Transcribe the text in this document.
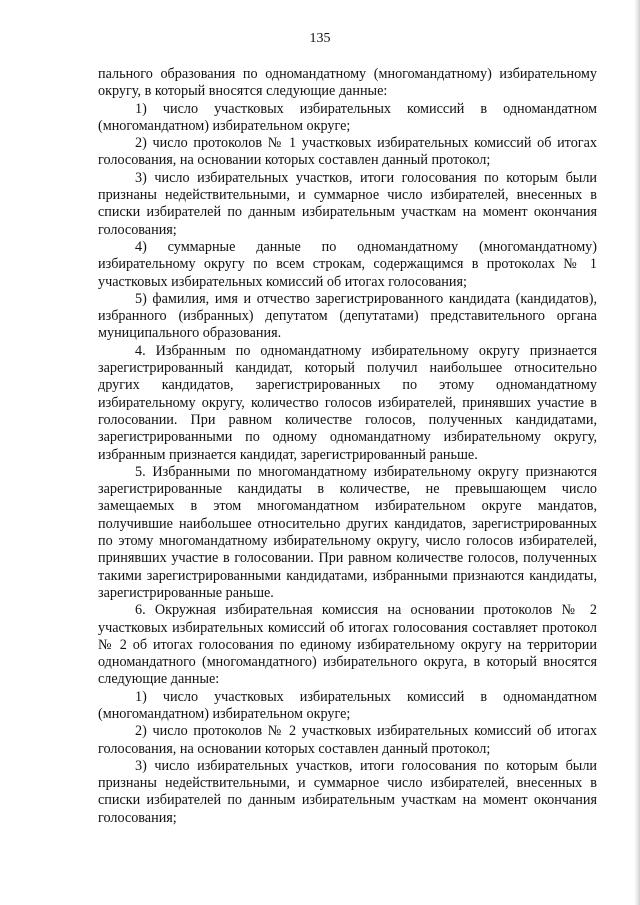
135

пального образования по одномандатному (многомандатному) избирательному округу, в который вносятся следующие данные:

1) число участковых избирательных комиссий в одномандатном (многомандатном) избирательном округе;

2) число протоколов № 1 участковых избирательных комиссий об итогах голосования, на основании которых составлен данный протокол;

3) число избирательных участков, итоги голосования по которым были признаны недействительными, и суммарное число избирателей, внесенных в списки избирателей по данным избирательным участкам на момент окончания голосования;

4) суммарные данные по одномандатному (многомандатному) избирательному округу по всем строкам, содержащимся в протоколах № 1 участковых избирательных комиссий об итогах голосования;

5) фамилия, имя и отчество зарегистрированного кандидата (кандидатов), избранного (избранных) депутатом (депутатами) представительного органа муниципального образования.

4. Избранным по одномандатному избирательному округу признается зарегистрированный кандидат, который получил наибольшее относительно других кандидатов, зарегистрированных по этому одномандатному избирательному округу, количество голосов избирателей, принявших участие в голосовании. При равном количестве голосов, полученных кандидатами, зарегистрированными по одному одномандатному избирательному округу, избранным признается кандидат, зарегистрированный раньше.

5. Избранными по многомандатному избирательному округу признаются зарегистрированные кандидаты в количестве, не превышающем число замещаемых в этом многомандатном избирательном округе мандатов, получившие наибольшее относительно других кандидатов, зарегистрированных по этому многомандатному избирательному округу, число голосов избирателей, принявших участие в голосовании. При равном количестве голосов, полученных такими зарегистрированными кандидатами, избранными признаются кандидаты, зарегистрированные раньше.

6. Окружная избирательная комиссия на основании протоколов № 2 участковых избирательных комиссий об итогах голосования составляет протокол № 2 об итогах голосования по единому избирательному округу на территории одномандатного (многомандатного) избирательного округа, в который вносятся следующие данные:

1) число участковых избирательных комиссий в одномандатном (многомандатном) избирательном округе;

2) число протоколов № 2 участковых избирательных комиссий об итогах голосования, на основании которых составлен данный протокол;

3) число избирательных участков, итоги голосования по которым были признаны недействительными, и суммарное число избирателей, внесенных в списки избирателей по данным избирательным участкам на момент окончания голосования;
